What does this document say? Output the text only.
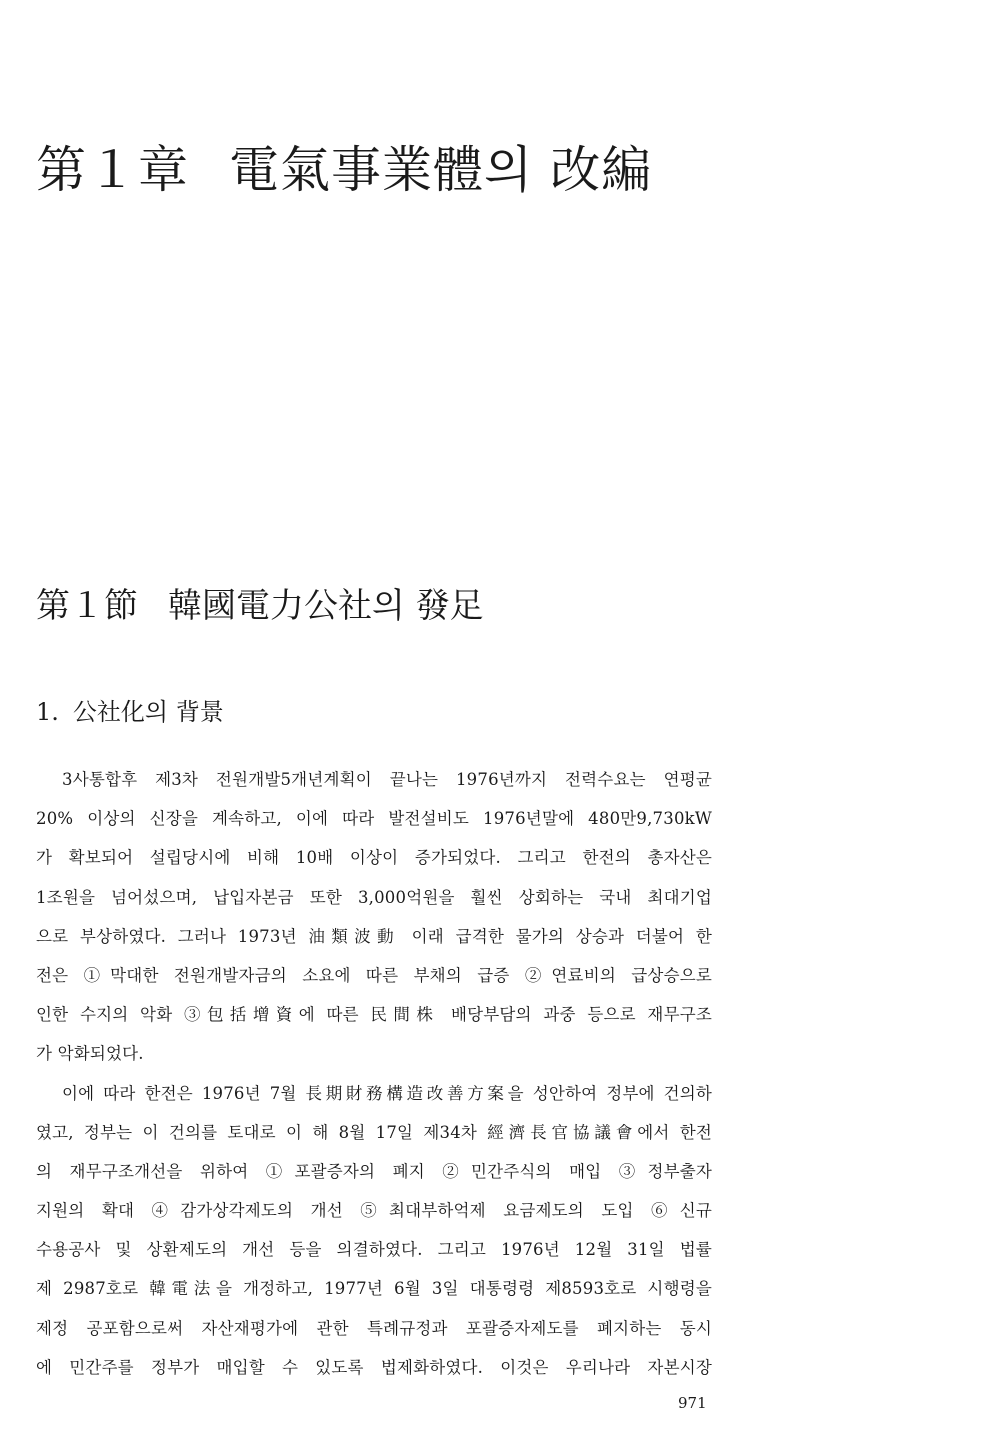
第１章 電氣事業體의 改編
第１節 韓國電力公社의 發足
1. 公社化의 背景
3사통합후 제3차 전원개발5개년계획이 끝나는 1976년까지 전력수요는 연평균
20% 이상의 신장을 계속하고, 이에 따라 발전설비도 1976년말에 480만9,730kW
가 확보되어 설립당시에 비해 10배 이상이 증가되었다. 그리고 한전의 총자산은
1조원을 넘어섰으며, 납입자본금 또한 3,000억원을 훨씬 상회하는 국내 최대기업
으로 부상하였다. 그러나 1973년 油類波動 이래 급격한 물가의 상승과 더불어 한
전은 ①막대한 전원개발자금의 소요에 따른 부채의 급증 ②연료비의 급상승으로
인한 수지의 악화 ③包括增資에 따른 民間株 배당부담의 과중 등으로 재무구조
가 악화되었다.
이에 따라 한전은 1976년 7월 長期財務構造改善方案을 성안하여 정부에 건의하
였고, 정부는 이 건의를 토대로 이 해 8월 17일 제34차 經濟長官協議會에서 한전
의 재무구조개선을 위하여 ①포괄증자의 폐지 ②민간주식의 매입 ③정부출자
지원의 확대 ④감가상각제도의 개선 ⑤최대부하억제 요금제도의 도입 ⑥신규
수용공사 및 상환제도의 개선 등을 의결하였다. 그리고 1976년 12월 31일 법률
제 2987호로 韓電法을 개정하고, 1977년 6월 3일 대통령령 제8593호로 시행령을
제정 공포함으로써 자산재평가에 관한 특례규정과 포괄증자제도를 폐지하는 동시
에 민간주를 정부가 매입할 수 있도록 법제화하였다. 이것은 우리나라 자본시장

971
